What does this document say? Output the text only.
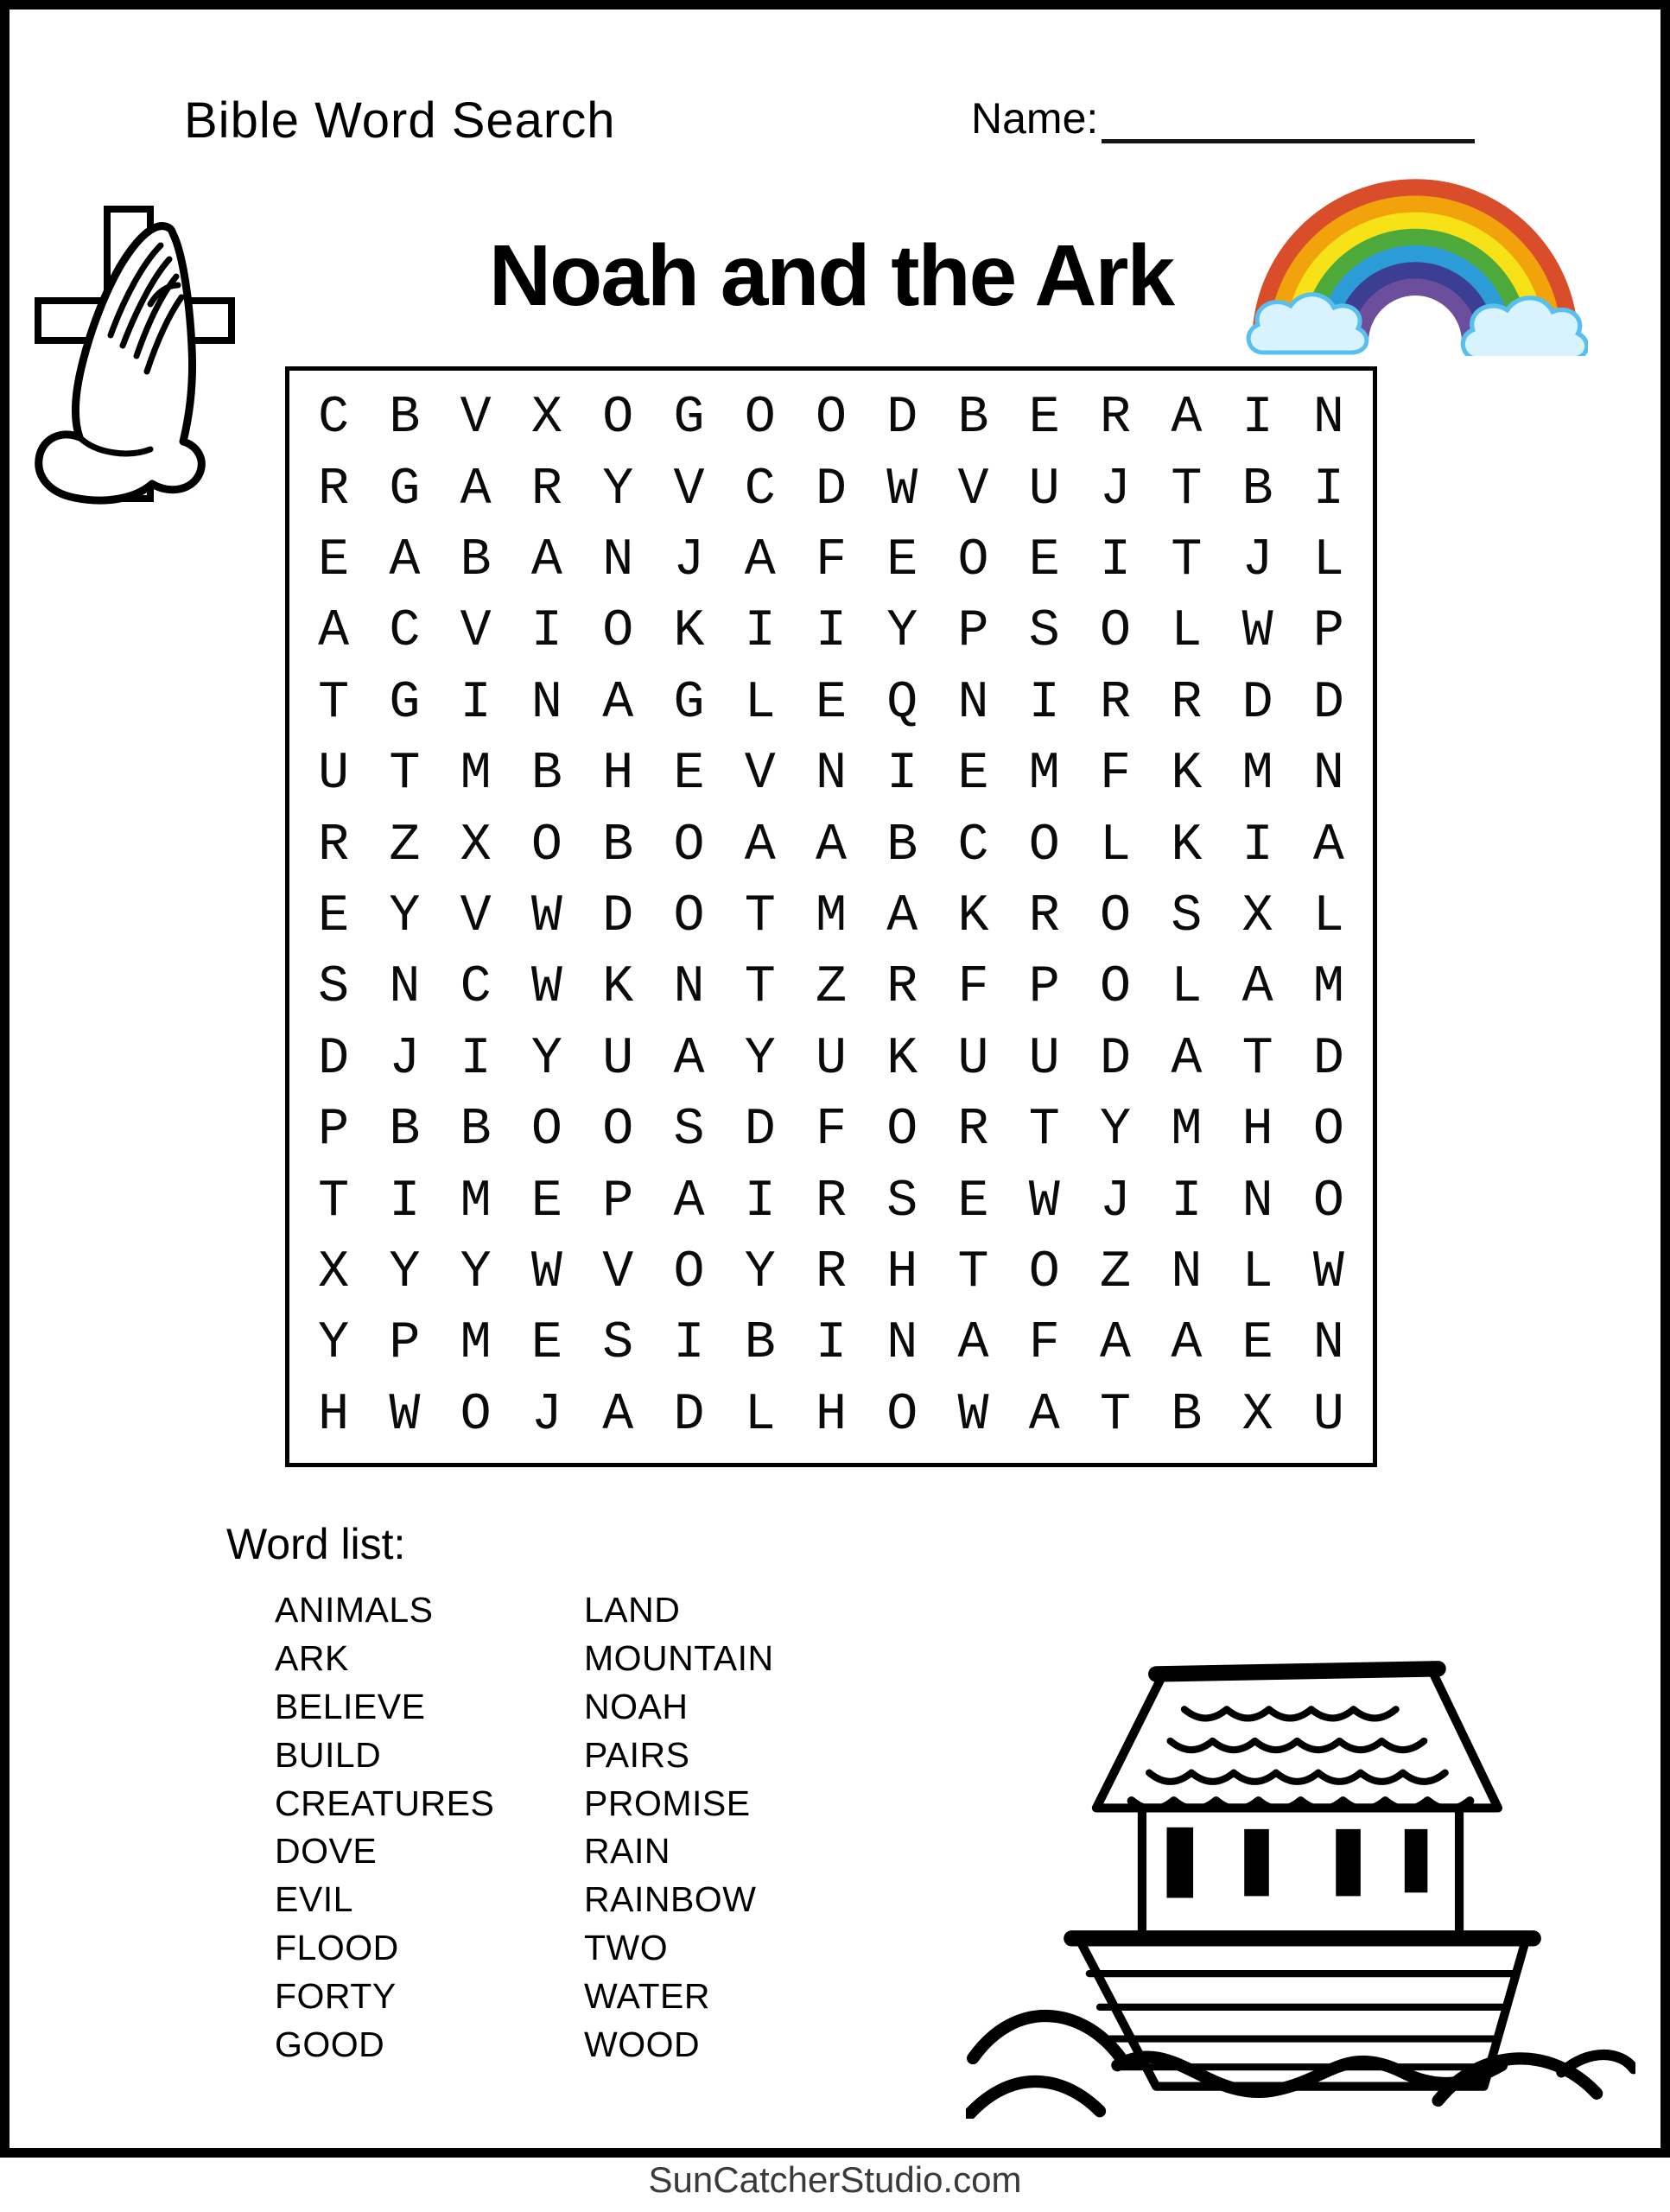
Bible Word Search	Name:
Noah and the Ark
C B V X O G O O D B E R A I N
R G A R Y V C D W V U J T B I
E A B A N J A F E O E I T J L
A C V I O K I I Y P S O L W P
T G I N A G L E Q N I R R D D
U T M B H E V N I E M F K M N
R Z X O B O A A B C O L K I A
E Y V W D O T M A K R O S X L
S N C W K N T Z R F P O L A M
D J I Y U A Y U K U U D A T D
P B B O O S D F O R T Y M H O
T I M E P A I R S E W J I N O
X Y Y W V O Y R H T O Z N L W
Y P M E S I B I N A F A A E N
H W O J A D L H O W A T B X U
Word list:
ANIMALS
ARK
BELIEVE
BUILD
CREATURES
DOVE
EVIL
FLOOD
FORTY
GOOD
LAND
MOUNTAIN
NOAH
PAIRS
PROMISE
RAIN
RAINBOW
TWO
WATER
WOOD
SunCatcherStudio.com
